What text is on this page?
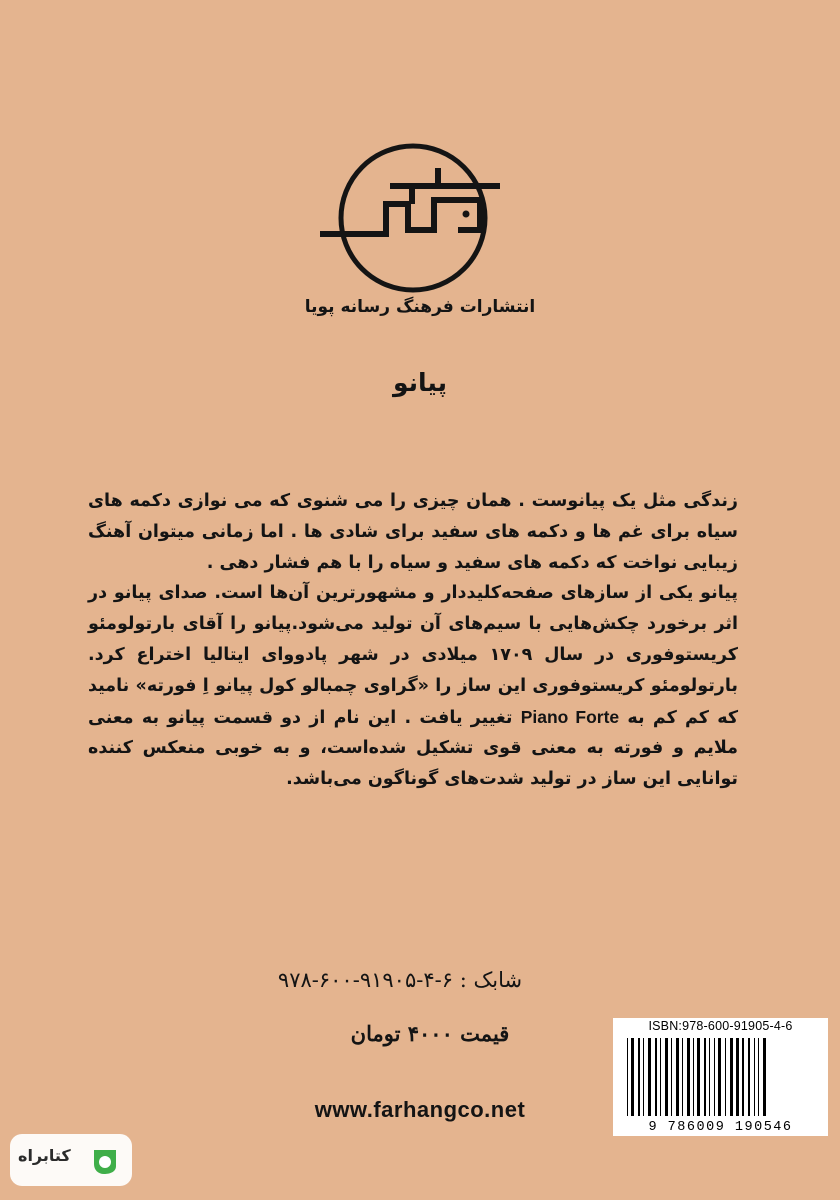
انتشارات فرهنگ رسانه پویا
پیانو

زندگی مثل یک پیانوست . همان چیزی را می شنوی که می نوازی دکمه های سیاه برای غم ها و دکمه های سفید برای شادی ها . اما زمانی میتوان آهنگ زیبایی نواخت که دکمه های سفید و سیاه را با هم فشار دهی .

پیانو یکی از سازهای صفحه‌کلیددار و مشهورترین آن‌ها است. صدای پیانو در اثر برخورد چکش‌هایی با سیم‌های آن تولید می‌شود.پیانو را آقای بارتولومئو کریستوفوری در سال ۱۷۰۹ میلادی در شهر پادووای ایتالیا اختراع کرد. بارتولومئو کریستوفوری این ساز را «گراوی چمبالو کول پیانو اِ فورته» نامید که کم کم به Piano Forte تغییر یافت . این نام از دو قسمت پیانو به معنی ملایم و فورته به معنی قوی تشکیل شده‌است، و به خوبی منعکس کننده توانایی این ساز در تولید شدت‌های گوناگون می‌باشد.

شابک : ۶-۴-۹۱۹۰۵-۶۰۰-۹۷۸
قیمت ۴۰۰۰ تومان
www.farhangco.net
ISBN:978-600-91905-4-6
9 786009 190546
کتابراه
